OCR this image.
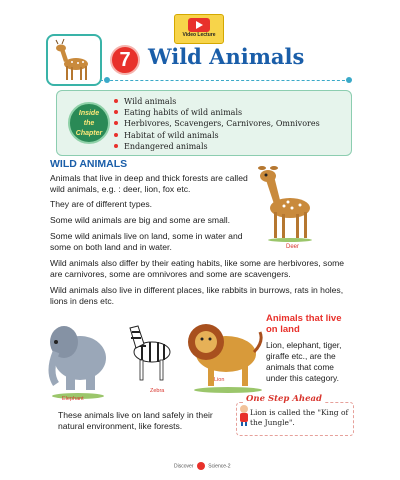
Video Lecture
7 Wild Animals
Inside
the
Chapter
Wild animals
Eating habits of wild animals
Herbivores, Scavengers, Carnivores, Omnivores
Habitat of wild animals
Endangered animals
WILD ANIMALS
Animals that live in deep and thick forests are called wild animals, e.g. : deer, lion, fox etc.
They are of different types.
Some wild animals are big and some are small.
Some wild animals live on land, some in water and some on both land and in water.	Deer
Wild animals also differ by their eating habits, like some are herbivores, some are carnivores, some are omnivores and some are scavengers.
Wild animals also live in different places, like rabbits in burrows, rats in holes, lions in dens etc.
Zebra
Lion
Elephant
Animals that live
on land
Lion, elephant, tiger, giraffe etc., are the animals that come under this category.
These animals live on land safely in their natural environment, like forests.
One Step Ahead
Lion is called the "King of the Jungle".
Discover	Science-2
